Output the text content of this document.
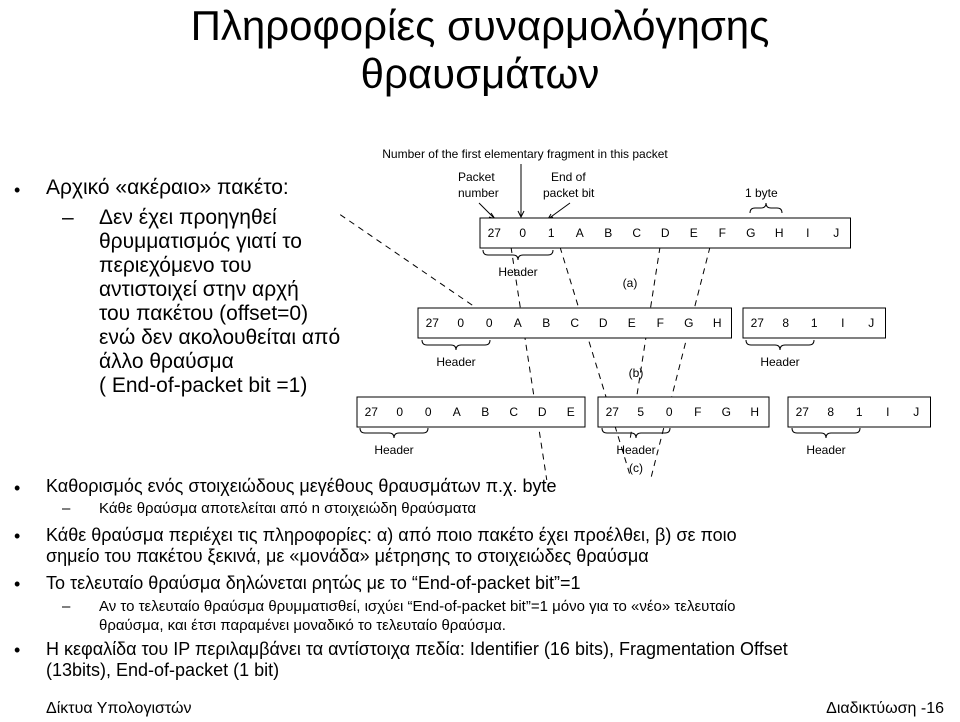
Πληροφορίες συναρμολόγησης
θραυσμάτων
• Αρχικό «ακέραιο» πακέτο:
– Δεν έχει προηγηθεί
θρυμματισμός γιατί το
περιεχόμενο του
αντιστοιχεί στην αρχή
του πακέτου (offset=0)
ενώ δεν ακολουθείται από
άλλο θραύσμα
( End-of-packet bit =1)
Number of the first elementary fragment in this packet
Packet
number
End of
packet bit	1 byte
27 0 1 A B C D E F G H I J
Header
27 0 0 A B C D E F G H 27 8 1 I J
Header	Header
27 0 0 A B C D E	27 5 0 F G H	27 8 1 I J
Header	Header	Header
(a)
(b)
(c)
• Καθορισμός ενός στοιχειώδους μεγέθους θραυσμάτων π.χ. byte
– Κάθε θραύσμα αποτελείται από n στοιχειώδη θραύσματα
• Κάθε θραύσμα περιέχει τις πληροφορίες: α) από ποιο πακέτο έχει προέλθει, β) σε ποιο
σημείο του πακέτου ξεκινά, με «μονάδα» μέτρησης το στοιχειώδες θραύσμα
• Το τελευταίο θραύσμα δηλώνεται ρητώς με το “End-of-packet bit”=1
– Αν το τελευταίο θραύσμα θρυμματισθεί, ισχύει “End-of-packet bit”=1 μόνο για το «νέο» τελευταίο
θραύσμα, και έτσι παραμένει μοναδικό το τελευταίο θραύσμα.
• Η κεφαλίδα του IP περιλαμβάνει τα αντίστοιχα πεδία: Identifier (16 bits), Fragmentation Offset
(13bits), End-of-packet (1 bit)
Δίκτυα Υπολογιστών	Διαδικτύωση -16
